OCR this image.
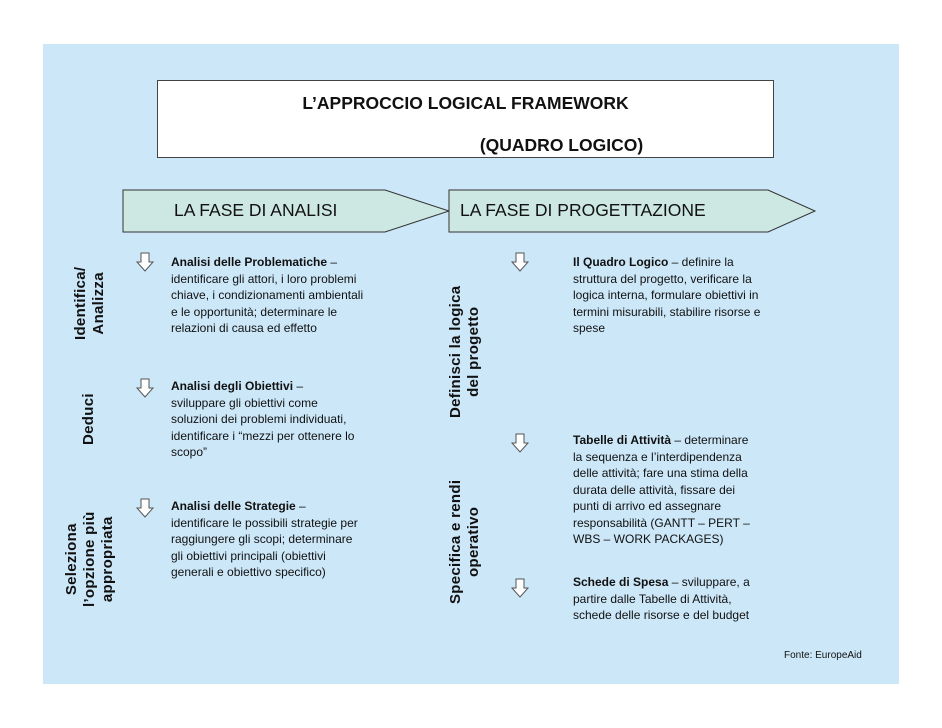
L’APPROCCIO LOGICAL FRAMEWORK
(QUADRO LOGICO)
LA FASE DI ANALISI	LA FASE DI PROGETTAZIONE
Identifica/ Analizza
Deduci
Seleziona l’opzione più appropriata
Definisci la logica del progetto
Specifica e rendi operativo
Analisi delle Problematiche –
identificare gli attori, i loro problemi
chiave, i condizionamenti ambientali
e le opportunità; determinare le
relazioni di causa ed effetto
Analisi degli Obiettivi –
sviluppare gli obiettivi come
soluzioni dei problemi individuati,
identificare i “mezzi per ottenere lo
scopo”
Analisi delle Strategie –
identificare le possibili strategie per
raggiungere gli scopi; determinare
gli obiettivi principali (obiettivi
generali e obiettivo specifico)
Il Quadro Logico – definire la
struttura del progetto, verificare la
logica interna, formulare obiettivi in
termini misurabili, stabilire risorse e
spese
Tabelle di Attività – determinare
la sequenza e l’interdipendenza
delle attività; fare una stima della
durata delle attività, fissare dei
punti di arrivo ed assegnare
responsabilità (GANTT – PERT –
WBS – WORK PACKAGES)
Schede di Spesa – sviluppare, a
partire dalle Tabelle di Attività,
schede delle risorse e del budget
Fonte: EuropeAid
